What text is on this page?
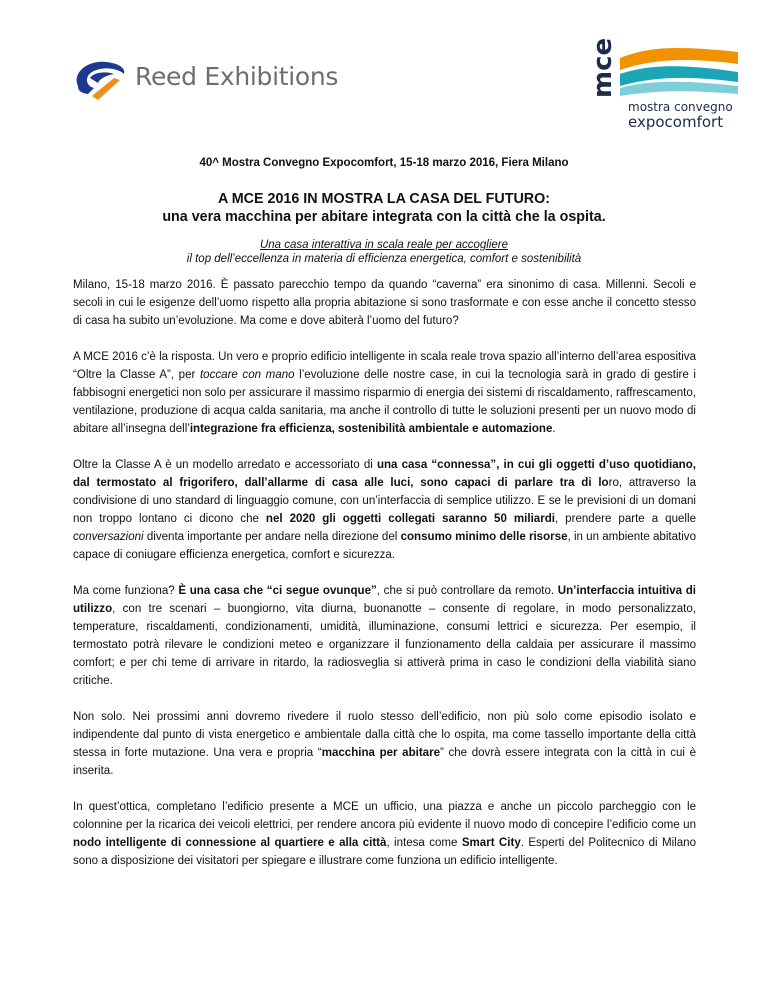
Reed Exhibitions	mce
mostra convegno
expocomfort
40^ Mostra Convegno Expocomfort, 15-18 marzo 2016, Fiera Milano
A MCE 2016 IN MOSTRA LA CASA DEL FUTURO:
una vera macchina per abitare integrata con la città che la ospita.
Una casa interattiva in scala reale per accogliere
il top dell’eccellenza in materia di efficienza energetica, comfort e sostenibilità

Milano, 15-18 marzo 2016. È passato parecchio tempo da quando “caverna” era sinonimo di casa. Millenni. Secoli e secoli in cui le esigenze dell’uomo rispetto alla propria abitazione si sono trasformate e con esse anche il concetto stesso di casa ha subito un’evoluzione. Ma come e dove abiterà l’uomo del futuro?

A MCE 2016 c’è la risposta. Un vero e proprio edificio intelligente in scala reale trova spazio all’interno dell’area espositiva “Oltre la Classe A”, per toccare con mano l’evoluzione delle nostre case, in cui la tecnologia sarà in grado di gestire i fabbisogni energetici non solo per assicurare il massimo risparmio di energia dei sistemi di riscaldamento, raffrescamento, ventilazione, produzione di acqua calda sanitaria, ma anche il controllo di tutte le soluzioni presenti per un nuovo modo di abitare all’insegna dell’integrazione fra efficienza, sostenibilità ambientale e automazione.

Oltre la Classe A è un modello arredato e accessoriato di una casa “connessa”, in cui gli oggetti d’uso quotidiano, dal termostato al frigorifero, dall’allarme di casa alle luci, sono capaci di parlare tra di loro, attraverso la condivisione di uno standard di linguaggio comune, con un’interfaccia di semplice utilizzo. E se le previsioni di un domani non troppo lontano ci dicono che nel 2020 gli oggetti collegati saranno 50 miliardi, prendere parte a quelle conversazioni diventa importante per andare nella direzione del consumo minimo delle risorse, in un ambiente abitativo capace di coniugare efficienza energetica, comfort e sicurezza.

Ma come funziona? È una casa che “ci segue ovunque”, che si può controllare da remoto. Un’interfaccia intuitiva di utilizzo, con tre scenari – buongiorno, vita diurna, buonanotte – consente di regolare, in modo personalizzato, temperature, riscaldamenti, condizionamenti, umidità, illuminazione, consumi lettrici e sicurezza. Per esempio, il termostato potrà rilevare le condizioni meteo e organizzare il funzionamento della caldaia per assicurare il massimo comfort; e per chi teme di arrivare in ritardo, la radiosveglia si attiverà prima in caso le condizioni della viabilità siano critiche.

Non solo. Nei prossimi anni dovremo rivedere il ruolo stesso dell’edificio, non più solo come episodio isolato e indipendente dal punto di vista energetico e ambientale dalla città che lo ospita, ma come tassello importante della città stessa in forte mutazione. Una vera e propria “macchina per abitare” che dovrà essere integrata con la città in cui è inserita.

In quest’ottica, completano l’edificio presente a MCE un ufficio, una piazza e anche un piccolo parcheggio con le colonnine per la ricarica dei veicoli elettrici, per rendere ancora più evidente il nuovo modo di concepire l’edificio come un nodo intelligente di connessione al quartiere e alla città, intesa come Smart City. Esperti del Politecnico di Milano sono a disposizione dei visitatori per spiegare e illustrare come funziona un edificio intelligente.
